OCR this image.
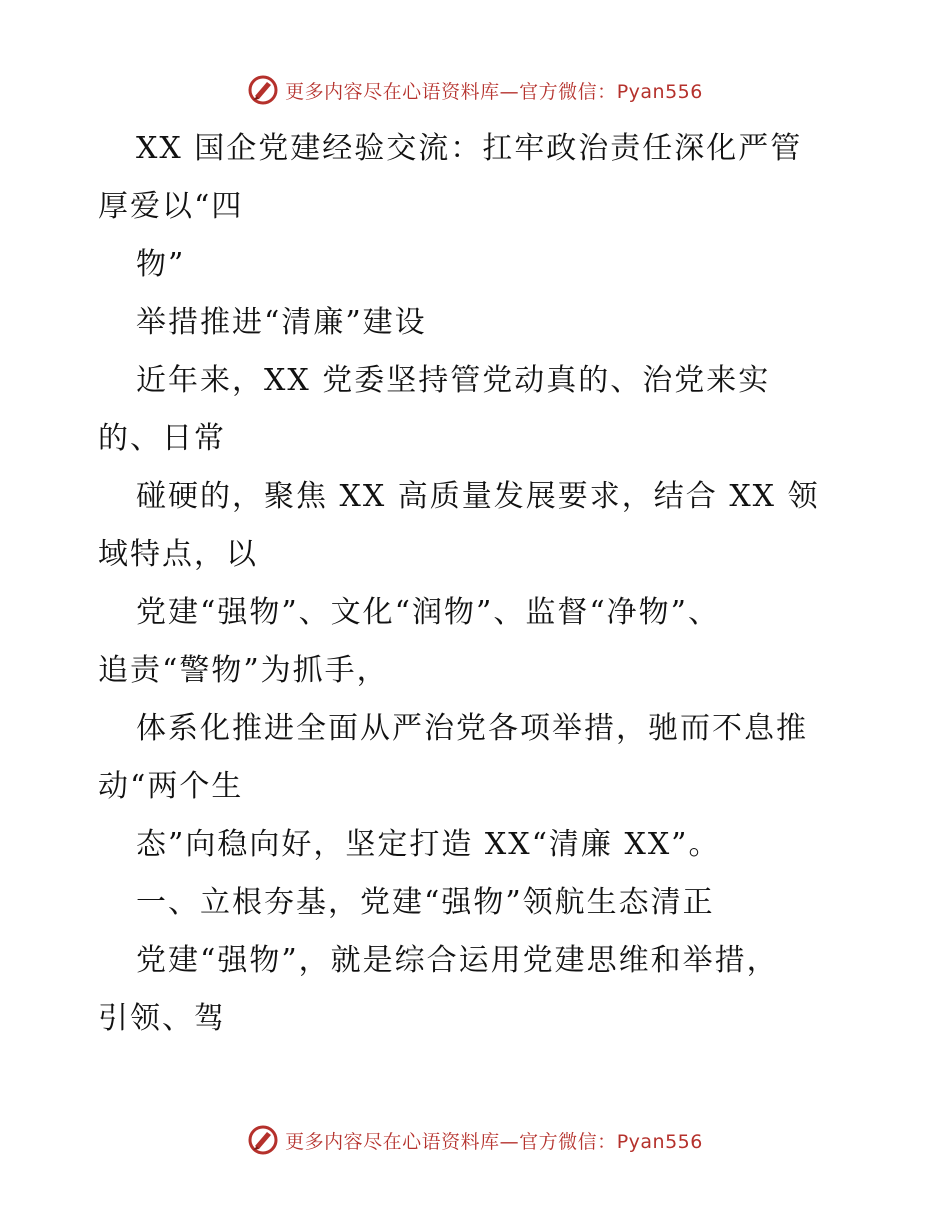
更多内容尽在心语资料库—官方微信：Pyan556
XX 国企党建经验交流：扛牢政治责任深化严管
厚爱以“四
物”
举措推进“清廉”建设
近年来，XX 党委坚持管党动真的、治党来实
的、日常
碰硬的，聚焦 XX 高质量发展要求，结合 XX 领
域特点，以
党建“强物”、文化“润物”、监督“净物”、
追责“警物”为抓手，
体系化推进全面从严治党各项举措，驰而不息推
动“两个生
态”向稳向好，坚定打造 XX“清廉 XX”。
一、立根夯基，党建“强物”领航生态清正
党建“强物”，就是综合运用党建思维和举措，
引领、驾
更多内容尽在心语资料库—官方微信：Pyan556
